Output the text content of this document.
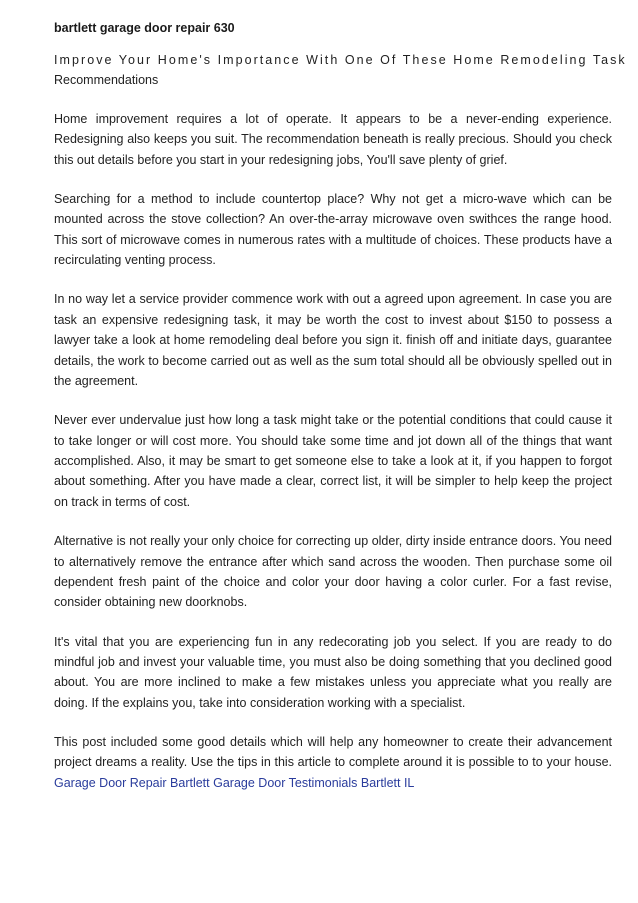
bartlett garage door repair 630
Improve Your Home's Importance With One Of These Home Remodeling Task
Recommendations

Home improvement requires a lot of operate. It appears to be a never-ending experience. Redesigning also keeps you suit. The recommendation beneath is really precious. Should you check this out details before you start in your redesigning jobs, You'll save plenty of grief.

Searching for a method to include countertop place? Why not get a micro-wave which can be mounted across the stove collection? An over-the-array microwave oven swithces the range hood. This sort of microwave comes in numerous rates with a multitude of choices. These products have a recirculating venting process.

In no way let a service provider commence work with out a agreed upon agreement. In case you are task an expensive redesigning task, it may be worth the cost to invest about $150 to possess a lawyer take a look at home remodeling deal before you sign it. finish off and initiate days, guarantee details, the work to become carried out as well as the sum total should all be obviously spelled out in the agreement.

Never ever undervalue just how long a task might take or the potential conditions that could cause it to take longer or will cost more. You should take some time and jot down all of the things that want accomplished. Also, it may be smart to get someone else to take a look at it, if you happen to forgot about something. After you have made a clear, correct list, it will be simpler to help keep the project on track in terms of cost.

Alternative is not really your only choice for correcting up older, dirty inside entrance doors. You need to alternatively remove the entrance after which sand across the wooden. Then purchase some oil dependent fresh paint of the choice and color your door having a color curler. For a fast revise, consider obtaining new doorknobs.

It's vital that you are experiencing fun in any redecorating job you select. If you are ready to do mindful job and invest your valuable time, you must also be doing something that you declined good about. You are more inclined to make a few mistakes unless you appreciate what you really are doing. If the explains you, take into consideration working with a specialist.

This post included some good details which will help any homeowner to create their advancement project dreams a reality. Use the tips in this article to complete around it is possible to to your house. Garage Door Repair Bartlett Garage Door Testimonials Bartlett IL
